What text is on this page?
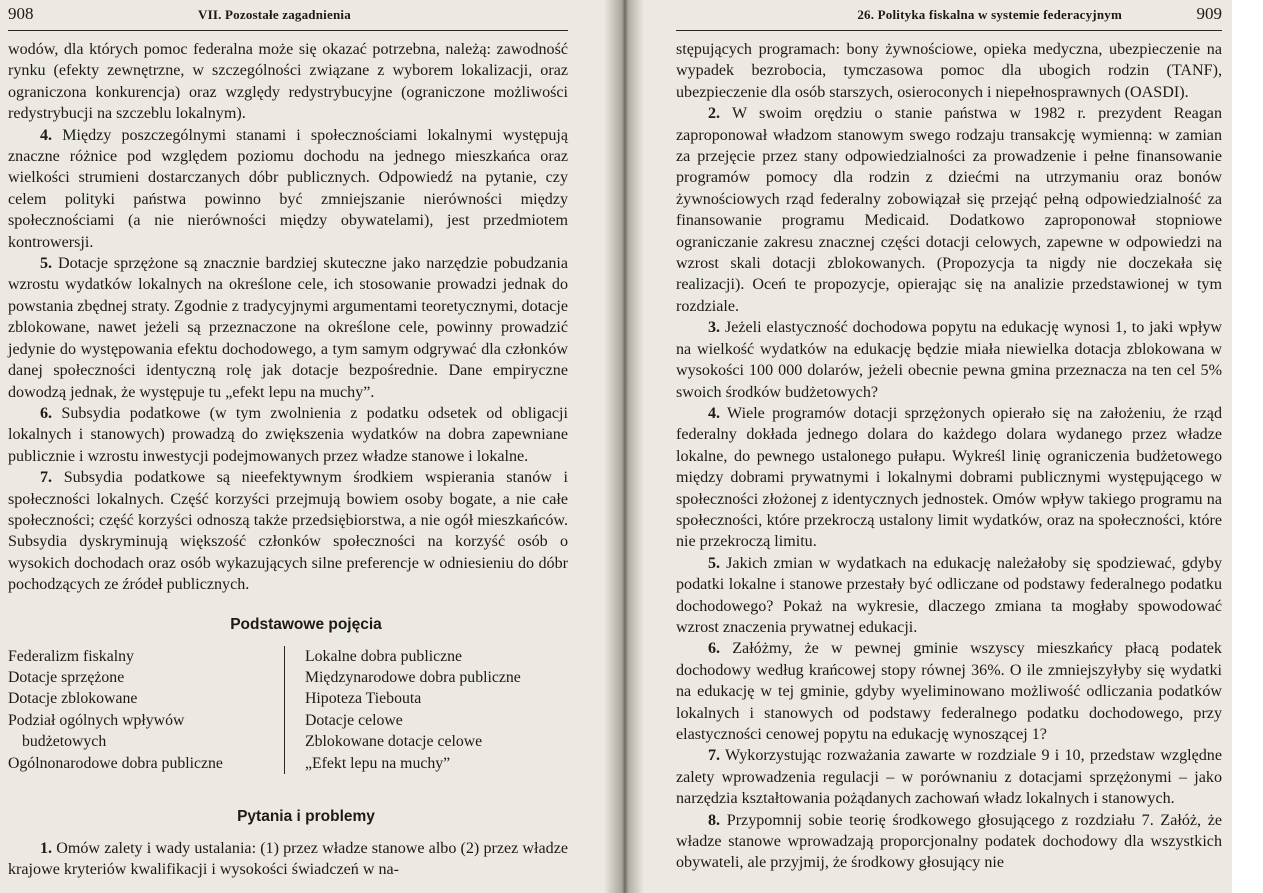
908	VII. Pozostałe zagadnienia

wodów, dla których pomoc federalna może się okazać potrzebna, należą: zawodność rynku (efekty zewnętrzne, w szczególności związane z wyborem lokalizacji, oraz ograniczona konkurencja) oraz względy redystrybucyjne (ograniczone możliwości redystrybucji na szczeblu lokalnym).

4. Między poszczególnymi stanami i społecznościami lokalnymi występują znaczne różnice pod względem poziomu dochodu na jednego mieszkańca oraz wielkości strumieni dostarczanych dóbr publicznych. Odpowiedź na pytanie, czy celem polityki państwa powinno być zmniejszanie nierówności między społecznościami (a nie nierówności między obywatelami), jest przedmiotem kontrowersji.

5. Dotacje sprzężone są znacznie bardziej skuteczne jako narzędzie pobudzania wzrostu wydatków lokalnych na określone cele, ich stosowanie prowadzi jednak do powstania zbędnej straty. Zgodnie z tradycyjnymi argumentami teoretycznymi, dotacje zblokowane, nawet jeżeli są przeznaczone na określone cele, powinny prowadzić jedynie do występowania efektu dochodowego, a tym samym odgrywać dla członków danej społeczności identyczną rolę jak dotacje bezpośrednie. Dane empiryczne dowodzą jednak, że występuje tu „efekt lepu na muchy”.

6. Subsydia podatkowe (w tym zwolnienia z podatku odsetek od obligacji lokalnych i stanowych) prowadzą do zwiększenia wydatków na dobra zapewniane publicznie i wzrostu inwestycji podejmowanych przez władze stanowe i lokalne.

7. Subsydia podatkowe są nieefektywnym środkiem wspierania stanów i społeczności lokalnych. Część korzyści przejmują bowiem osoby bogate, a nie całe społeczności; część korzyści odnoszą także przedsiębiorstwa, a nie ogół mieszkańców. Subsydia dyskryminują większość członków społeczności na korzyść osób o wysokich dochodach oraz osób wykazujących silne preferencje w odniesieniu do dóbr pochodzących ze źródeł publicznych.

Podstawowe pojęcia
Federalizm fiskalny
Dotacje sprzężone
Dotacje zblokowane
Podział ogólnych wpływów
budżetowych
Ogólnonarodowe dobra publiczne
Lokalne dobra publiczne
Międzynarodowe dobra publiczne
Hipoteza Tiebouta
Dotacje celowe
Zblokowane dotacje celowe
„Efekt lepu na muchy”
Pytania i problemy

1. Omów zalety i wady ustalania: (1) przez władze stanowe albo (2) przez władze krajowe kryteriów kwalifikacji i wysokości świadczeń w na-

26. Polityka fiskalna w systemie federacyjnym	909

stępujących programach: bony żywnościowe, opieka medyczna, ubezpieczenie na wypadek bezrobocia, tymczasowa pomoc dla ubogich rodzin (TANF), ubezpieczenie dla osób starszych, osieroconych i niepełnosprawnych (OASDI).

2. W swoim orędziu o stanie państwa w 1982 r. prezydent Reagan zaproponował władzom stanowym swego rodzaju transakcję wymienną: w zamian za przejęcie przez stany odpowiedzialności za prowadzenie i pełne finansowanie programów pomocy dla rodzin z dziećmi na utrzymaniu oraz bonów żywnościowych rząd federalny zobowiązał się przejąć pełną odpowiedzialność za finansowanie programu Medicaid. Dodatkowo zaproponował stopniowe ograniczanie zakresu znacznej części dotacji celowych, zapewne w odpowiedzi na wzrost skali dotacji zblokowanych. (Propozycja ta nigdy nie doczekała się realizacji). Oceń te propozycje, opierając się na analizie przedstawionej w tym rozdziale.

3. Jeżeli elastyczność dochodowa popytu na edukację wynosi 1, to jaki wpływ na wielkość wydatków na edukację będzie miała niewielka dotacja zblokowana w wysokości 100 000 dolarów, jeżeli obecnie pewna gmina przeznacza na ten cel 5% swoich środków budżetowych?

4. Wiele programów dotacji sprzężonych opierało się na założeniu, że rząd federalny dokłada jednego dolara do każdego dolara wydanego przez władze lokalne, do pewnego ustalonego pułapu. Wykreśl linię ograniczenia budżetowego między dobrami prywatnymi i lokalnymi dobrami publicznymi występującego w społeczności złożonej z identycznych jednostek. Omów wpływ takiego programu na społeczności, które przekroczą ustalony limit wydatków, oraz na społeczności, które nie przekroczą limitu.

5. Jakich zmian w wydatkach na edukację należałoby się spodziewać, gdyby podatki lokalne i stanowe przestały być odliczane od podstawy federalnego podatku dochodowego? Pokaż na wykresie, dlaczego zmiana ta mogłaby spowodować wzrost znaczenia prywatnej edukacji.

6. Załóżmy, że w pewnej gminie wszyscy mieszkańcy płacą podatek dochodowy według krańcowej stopy równej 36%. O ile zmniejszyłyby się wydatki na edukację w tej gminie, gdyby wyeliminowano możliwość odliczania podatków lokalnych i stanowych od podstawy federalnego podatku dochodowego, przy elastyczności cenowej popytu na edukację wynoszącej 1?

7. Wykorzystując rozważania zawarte w rozdziale 9 i 10, przedstaw względne zalety wprowadzenia regulacji – w porównaniu z dotacjami sprzężonymi – jako narzędzia kształtowania pożądanych zachowań władz lokalnych i stanowych.

8. Przypomnij sobie teorię środkowego głosującego z rozdziału 7. Załóż, że władze stanowe wprowadzają proporcjonalny podatek dochodowy dla wszystkich obywateli, ale przyjmij, że środkowy głosujący nie
